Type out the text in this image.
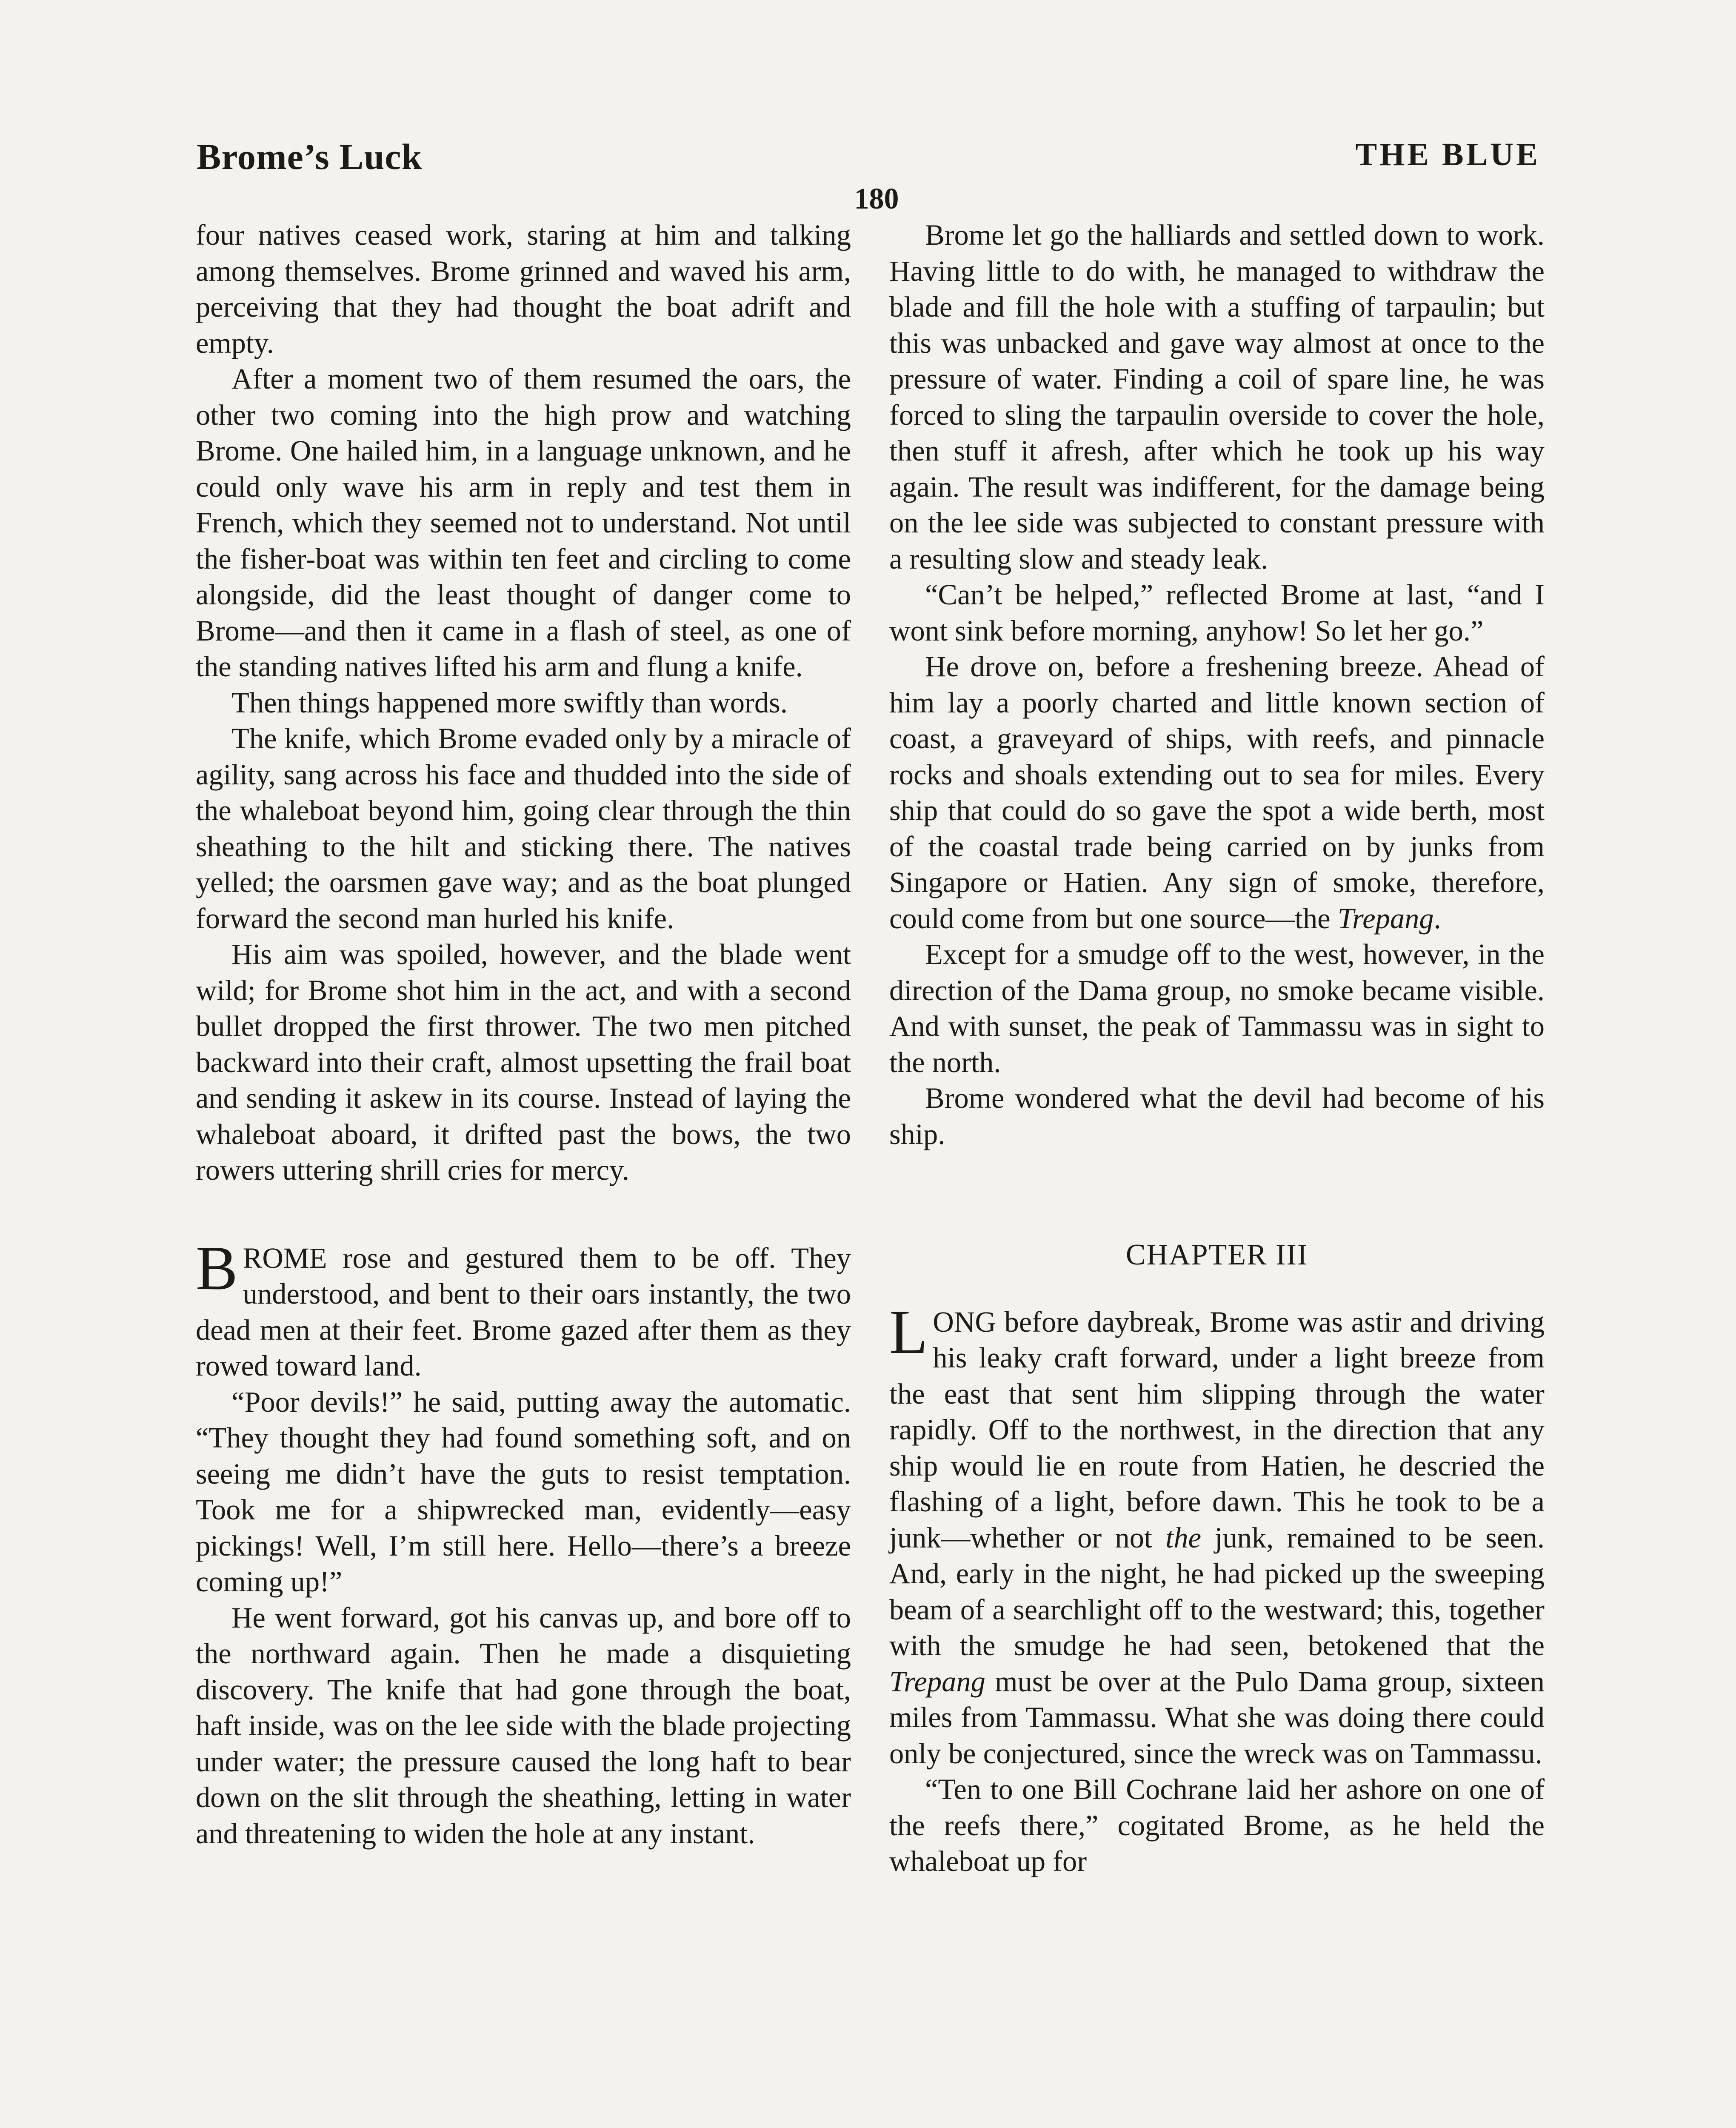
Brome’s Luck	THE BLUE
180

four natives ceased work, staring at him and talking among themselves. Brome grinned and waved his arm, perceiving that they had thought the boat adrift and empty.

After a moment two of them resumed the oars, the other two coming into the high prow and watching Brome. One hailed him, in a language unknown, and he could only wave his arm in reply and test them in French, which they seemed not to understand. Not until the fisher-boat was within ten feet and circling to come alongside, did the least thought of danger come to Brome—and then it came in a flash of steel, as one of the standing natives lifted his arm and flung a knife.

Then things happened more swiftly than words.

The knife, which Brome evaded only by a miracle of agility, sang across his face and thudded into the side of the whaleboat beyond him, going clear through the thin sheathing to the hilt and sticking there. The natives yelled; the oarsmen gave way; and as the boat plunged forward the second man hurled his knife.

His aim was spoiled, however, and the blade went wild; for Brome shot him in the act, and with a second bullet dropped the first thrower. The two men pitched backward into their craft, almost upsetting the frail boat and sending it askew in its course. Instead of laying the whaleboat aboard, it drifted past the bows, the two rowers uttering shrill cries for mercy.

BROME rose and gestured them to be off. They understood, and bent to their oars instantly, the two dead men at their feet. Brome gazed after them as they rowed toward land.

“Poor devils!” he said, putting away the automatic. “They thought they had found something soft, and on seeing me didn’t have the guts to resist temptation. Took me for a shipwrecked man, evidently—easy pickings! Well, I’m still here. Hello—there’s a breeze coming up!”

He went forward, got his canvas up, and bore off to the northward again. Then he made a disquieting discovery. The knife that had gone through the boat, haft inside, was on the lee side with the blade projecting under water; the pressure caused the long haft to bear down on the slit through the sheathing, letting in water and threatening to widen the hole at any instant.

Brome let go the halliards and settled down to work. Having little to do with, he managed to withdraw the blade and fill the hole with a stuffing of tarpaulin; but this was unbacked and gave way almost at once to the pressure of water. Finding a coil of spare line, he was forced to sling the tarpaulin overside to cover the hole, then stuff it afresh, after which he took up his way again. The result was indifferent, for the damage being on the lee side was subjected to constant pressure with a resulting slow and steady leak.

“Can’t be helped,” reflected Brome at last, “and I wont sink before morning, anyhow! So let her go.”

He drove on, before a freshening breeze. Ahead of him lay a poorly charted and little known section of coast, a graveyard of ships, with reefs, and pinnacle rocks and shoals extending out to sea for miles. Every ship that could do so gave the spot a wide berth, most of the coastal trade being carried on by junks from Singapore or Hatien. Any sign of smoke, therefore, could come from but one source—the Trepang.

Except for a smudge off to the west, however, in the direction of the Dama group, no smoke became visible. And with sunset, the peak of Tammassu was in sight to the north.

Brome wondered what the devil had become of his ship.

CHAPTER III

LONG before daybreak, Brome was astir and driving his leaky craft forward, under a light breeze from the east that sent him slipping through the water rapidly. Off to the northwest, in the direction that any ship would lie en route from Hatien, he descried the flashing of a light, before dawn. This he took to be a junk—whether or not the junk, remained to be seen. And, early in the night, he had picked up the sweeping beam of a searchlight off to the westward; this, together with the smudge he had seen, betokened that the Trepang must be over at the Pulo Dama group, sixteen miles from Tammassu. What she was doing there could only be conjectured, since the wreck was on Tammassu.

“Ten to one Bill Cochrane laid her ashore on one of the reefs there,” cogitated Brome, as he held the whaleboat up for
